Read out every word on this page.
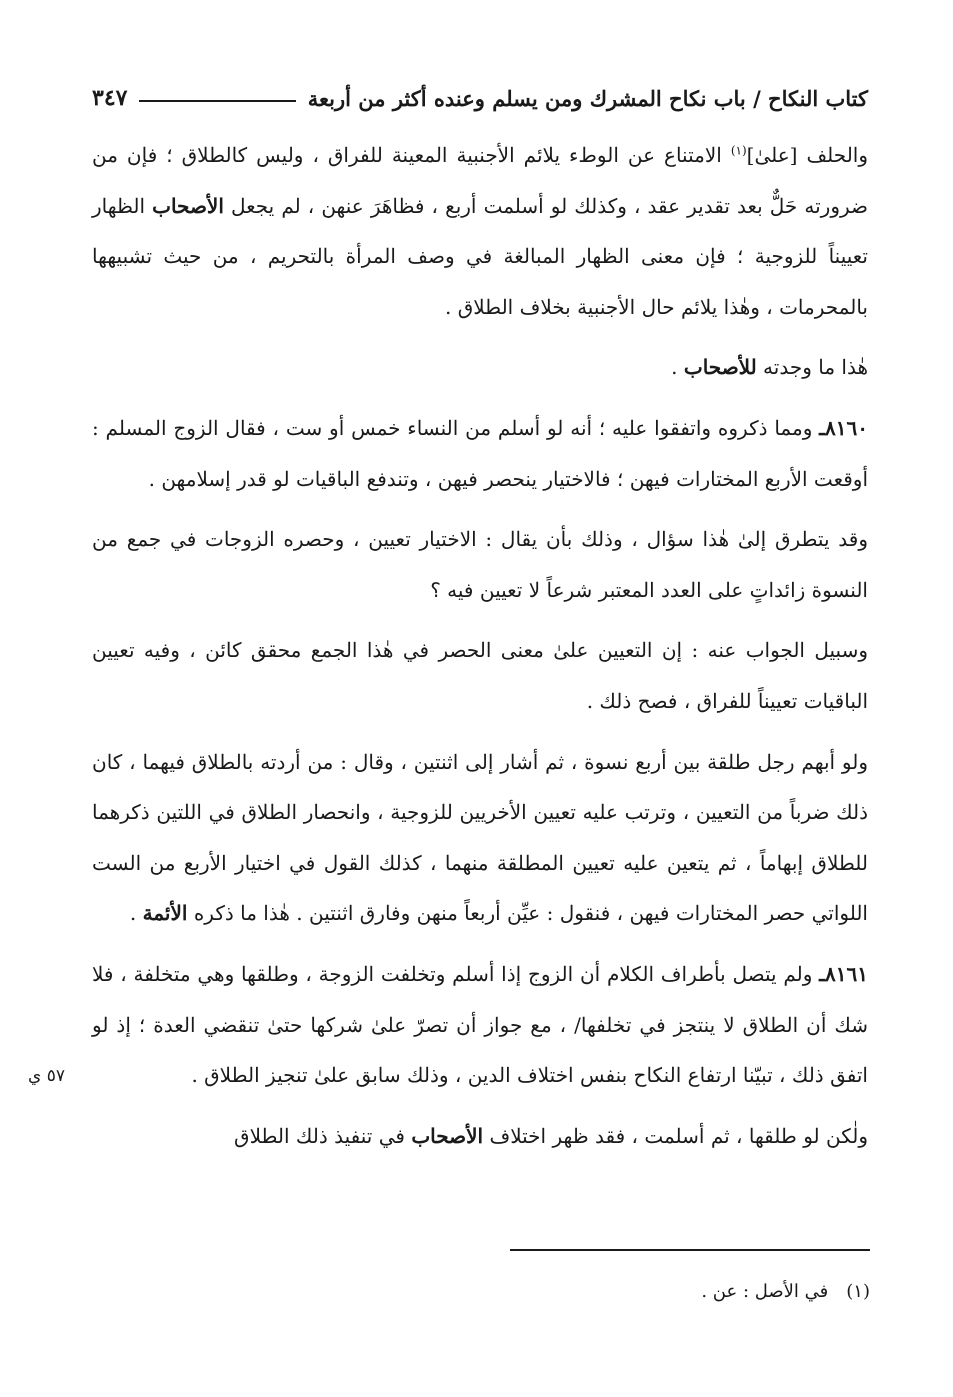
كتاب النكاح / باب نكاح المشرك ومن يسلم وعنده أكثر من أربعة
٣٤٧

والحلف [علىٰ]$^{(١)}$ الامتناع عن الوطء يلائم الأجنبية المعينة للفراق ، وليس كالطلاق ؛ فإن من ضرورته حَلٌّ بعد تقدير عقد ، وكذلك لو أسلمت أربع ، فظاهَرَ عنهن ، لم يجعل الأصحاب الظهار تعييناً للزوجية ؛ فإن معنى الظهار المبالغة في وصف المرأة بالتحريم ، من حيث تشبيهها بالمحرمات ، وهٰذا يلائم حال الأجنبية بخلاف الطلاق .

هٰذا ما وجدته للأصحاب .

٨١٦٠ـ ومما ذكروه واتفقوا عليه ؛ أنه لو أسلم من النساء خمس أو ست ، فقال الزوج المسلم : أوقعت الأربع المختارات فيهن ؛ فالاختيار ينحصر فيهن ، وتندفع الباقيات لو قدر إسلامهن .

وقد يتطرق إلىٰ هٰذا سؤال ، وذلك بأن يقال : الاختيار تعيين ، وحصره الزوجات في جمع من النسوة زائداتٍ على العدد المعتبر شرعاً لا تعيين فيه ؟

وسبيل الجواب عنه : إن التعيين علىٰ معنى الحصر في هٰذا الجمع محقق كائن ، وفيه تعيين الباقيات تعييناً للفراق ، فصح ذلك .

ولو أبهم رجل طلقة بين أربع نسوة ، ثم أشار إلى اثنتين ، وقال : من أردته بالطلاق فيهما ، كان ذلك ضرباً من التعيين ، وترتب عليه تعيين الأخريين للزوجية ، وانحصار الطلاق في اللتين ذكرهما للطلاق إبهاماً ، ثم يتعين عليه تعيين المطلقة منهما ، كذلك القول في اختيار الأربع من الست اللواتي حصر المختارات فيهن ، فنقول : عيِّن أربعاً منهن وفارق اثنتين . هٰذا ما ذكره الأئمة .

٨١٦١ـ ولم يتصل بأطراف الكلام أن الزوج إذا أسلم وتخلفت الزوجة ، وطلقها وهي متخلفة ، فلا شك أن الطلاق لا ينتجز في تخلفها/ ، مع جواز أن تصرّ علىٰ شركها حتىٰ تنقضي العدة ؛ إذ لو اتفق ذلك ، تبيّنا ارتفاع النكاح بنفس اختلاف الدين ، وذلك سابق علىٰ تنجيز الطلاق .

ولٰكن لو طلقها ، ثم أسلمت ، فقد ظهر اختلاف الأصحاب في تنفيذ ذلك الطلاق

٥٧ ي
(١)في الأصل : عن .
